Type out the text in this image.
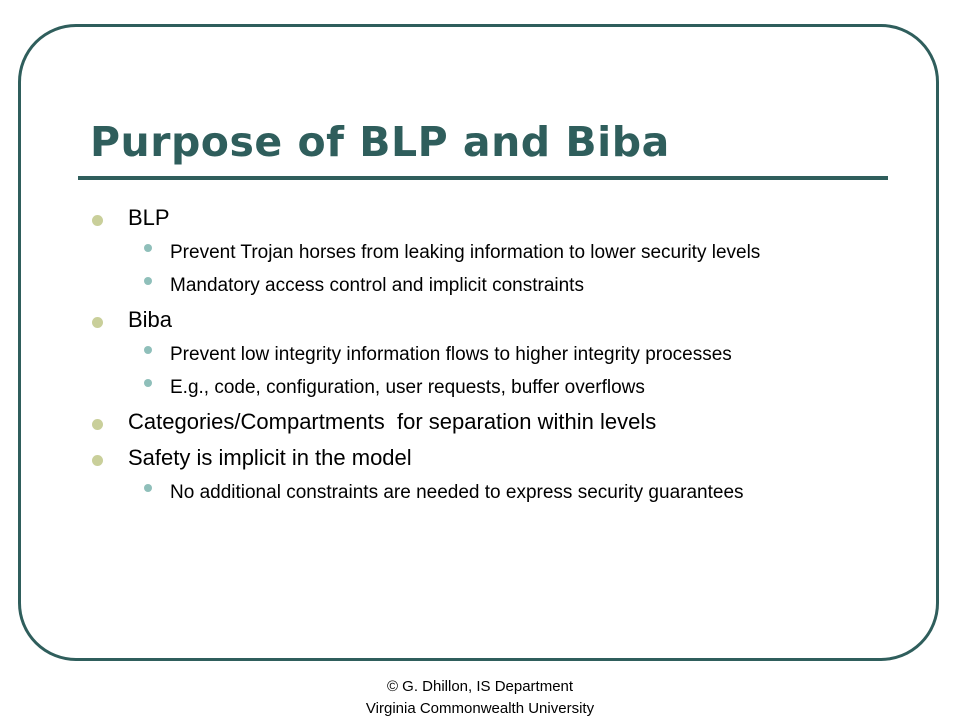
Purpose of BLP and Biba
BLP
Prevent Trojan horses from leaking information to lower security levels
Mandatory access control and implicit constraints
Biba
Prevent low integrity information flows to higher integrity processes
E.g., code, configuration, user requests, buffer overflows
Categories/Compartments  for separation within levels
Safety is implicit in the model
No additional constraints are needed to express security guarantees
© G. Dhillon, IS Department
Virginia Commonwealth University
